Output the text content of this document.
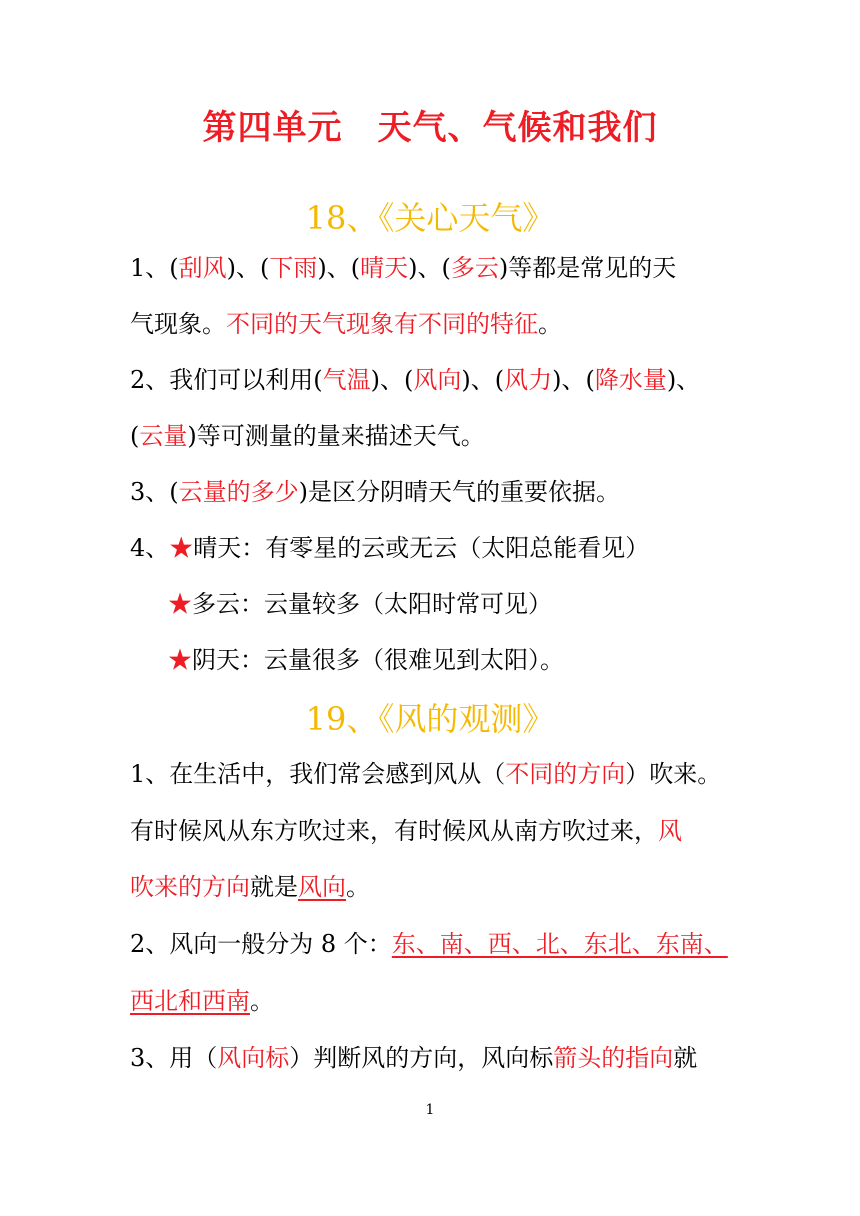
第四单元　天气、气候和我们
18、《关心天气》
1、(刮风)、(下雨)、(晴天)、(多云)等都是常见的天
气现象。不同的天气现象有不同的特征。
2、我们可以利用(气温)、(风向)、(风力)、(降水量)、
(云量)等可测量的量来描述天气。
3、(云量的多少)是区分阴晴天气的重要依据。
4、★晴天：有零星的云或无云（太阳总能看见）
★多云：云量较多（太阳时常可见）
★阴天：云量很多（很难见到太阳）。
19、《风的观测》
1、在生活中，我们常会感到风从（不同的方向）吹来。
有时候风从东方吹过来，有时候风从南方吹过来，风
吹来的方向就是风向。
2、风向一般分为 8 个：东、南、西、北、东北、东南、
西北和西南。
3、用（风向标）判断风的方向，风向标箭头的指向就
1
